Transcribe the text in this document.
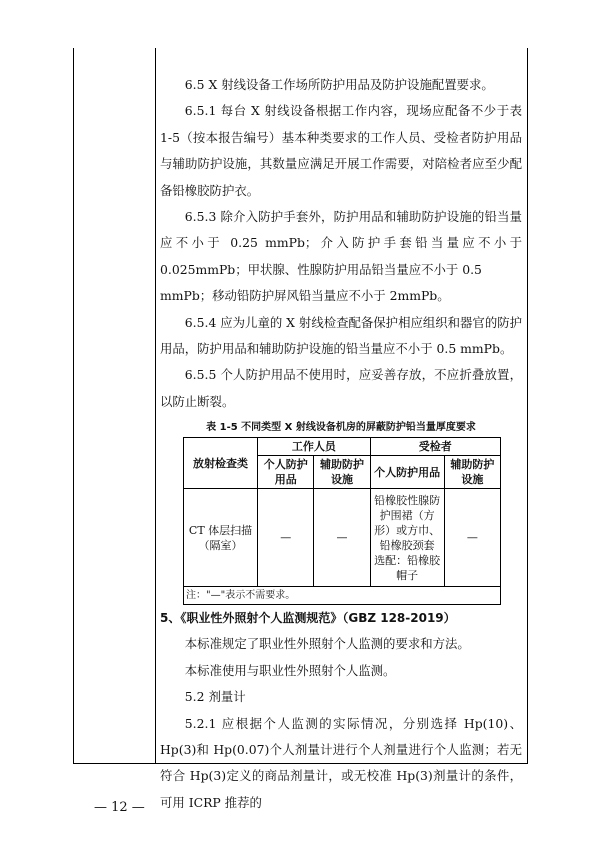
6.5 X 射线设备工作场所防护用品及防护设施配置要求。

6.5.1 每台 X 射线设备根据工作内容，现场应配备不少于表 1-5（按本报告编号）基本种类要求的工作人员、受检者防护用品与辅助防护设施，其数量应满足开展工作需要，对陪检者应至少配备铅橡胶防护衣。

6.5.3 除介入防护手套外，防护用品和辅助防护设施的铅当量应不小于 0.25 mmPb；介入防护手套铅当量应不小于 0.025mmPb；甲状腺、性腺防护用品铅当量应不小于 0.5

mmPb；移动铅防护屏风铅当量应不小于 2mmPb。

6.5.4 应为儿童的 X 射线检查配备保护相应组织和器官的防护用品，防护用品和辅助防护设施的铅当量应不小于 0.5 mmPb。

6.5.5 个人防护用品不使用时，应妥善存放，不应折叠放置，以防止断裂。

表 1-5 不同类型 X 射线设备机房的屏蔽防护铅当量厚度要求

放射检查类	工作人员		受检者	
	个人防护用品	辅助防护设施	个人防护用品	辅助防护设施
CT 体层扫描（隔室）	—	—	铅橡胶性腺防护围裙（方形）或方巾、铅橡胶颈套 选配：铅橡胶帽子	—
注："—"表示不需要求。				

5、《职业性外照射个人监测规范》（GBZ 128-2019）

本标准规定了职业性外照射个人监测的要求和方法。

本标准使用与职业性外照射个人监测。

5.2 剂量计

5.2.1 应根据个人监测的实际情况，分别选择 Hp(10)、Hp(3)和 Hp(0.07)个人剂量计进行个人剂量进行个人监测；若无符合 Hp(3)定义的商品剂量计，或无校准 Hp(3)剂量计的条件，可用 ICRP 推荐的

— 12 —
